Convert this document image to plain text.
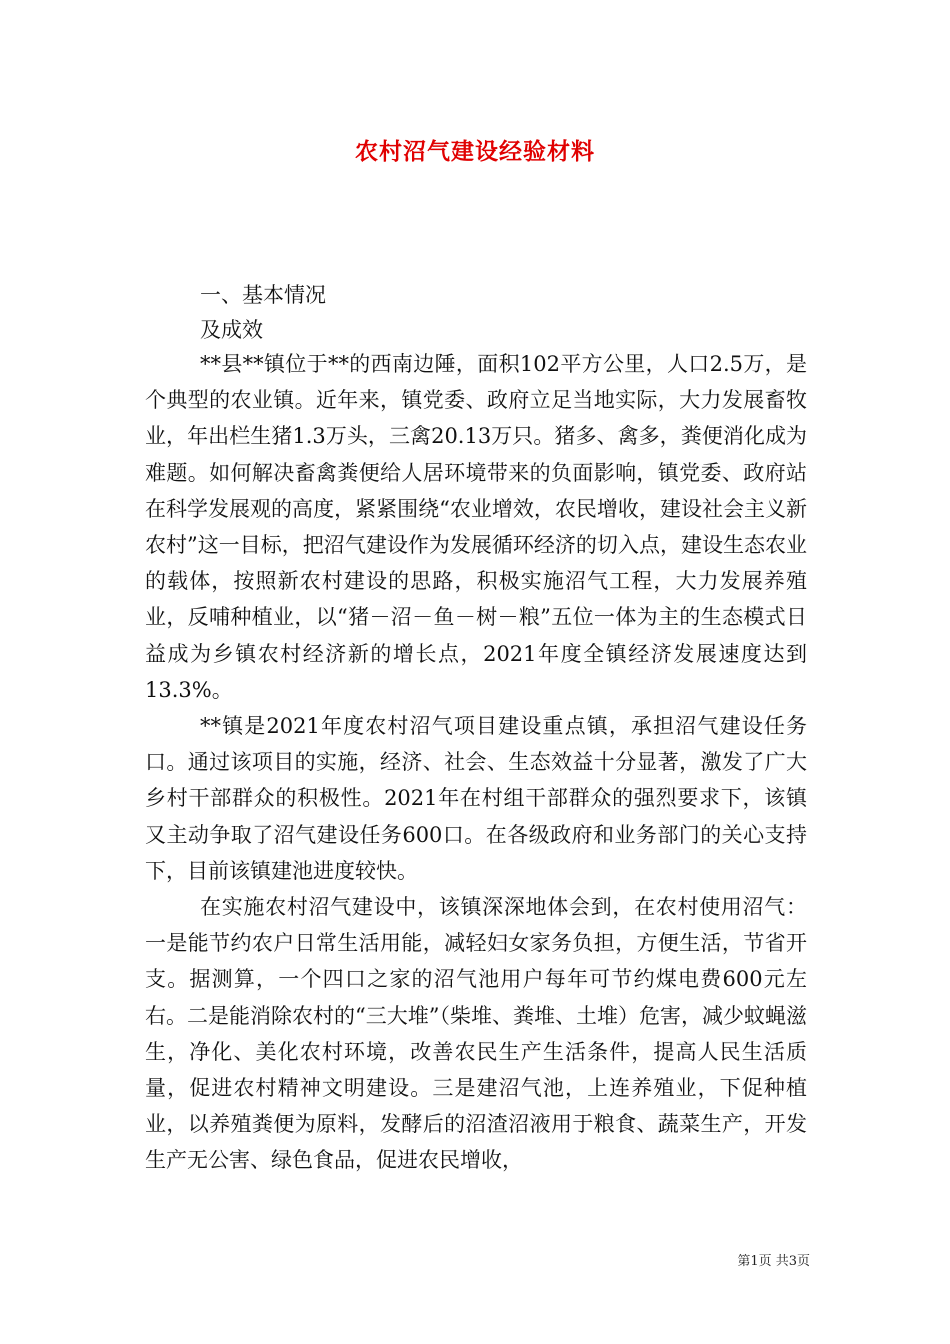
农村沼气建设经验材料
一、基本情况
及成效

**县**镇位于**的西南边陲，面积102平方公里，人口2.5万，是个典型的农业镇。近年来，镇党委、政府立足当地实际，大力发展畜牧业，年出栏生猪1.3万头，三禽20.13万只。猪多、禽多，粪便消化成为难题。如何解决畜禽粪便给人居环境带来的负面影响，镇党委、政府站在科学发展观的高度，紧紧围绕“农业增效，农民增收，建设社会主义新农村”这一目标，把沼气建设作为发展循环经济的切入点，建设生态农业的载体，按照新农村建设的思路，积极实施沼气工程，大力发展养殖业，反哺种植业，以“猪－沼－鱼－树－粮”五位一体为主的生态模式日益成为乡镇农村经济新的增长点，2021年度全镇经济发展速度达到13.3%。

**镇是2021年度农村沼气项目建设重点镇，承担沼气建设任务口。通过该项目的实施，经济、社会、生态效益十分显著，激发了广大乡村干部群众的积极性。2021年在村组干部群众的强烈要求下，该镇又主动争取了沼气建设任务600口。在各级政府和业务部门的关心支持下，目前该镇建池进度较快。

在实施农村沼气建设中，该镇深深地体会到，在农村使用沼气：一是能节约农户日常生活用能，减轻妇女家务负担，方便生活，节省开支。据测算，一个四口之家的沼气池用户每年可节约煤电费600元左右。二是能消除农村的“三大堆”（柴堆、粪堆、土堆）危害，减少蚊蝇滋生，净化、美化农村环境，改善农民生产生活条件，提高人民生活质量，促进农村精神文明建设。三是建沼气池，上连养殖业，下促种植业，以养殖粪便为原料，发酵后的沼渣沼液用于粮食、蔬菜生产，开发生产无公害、绿色食品，促进农民增收，

第1页 共3页
